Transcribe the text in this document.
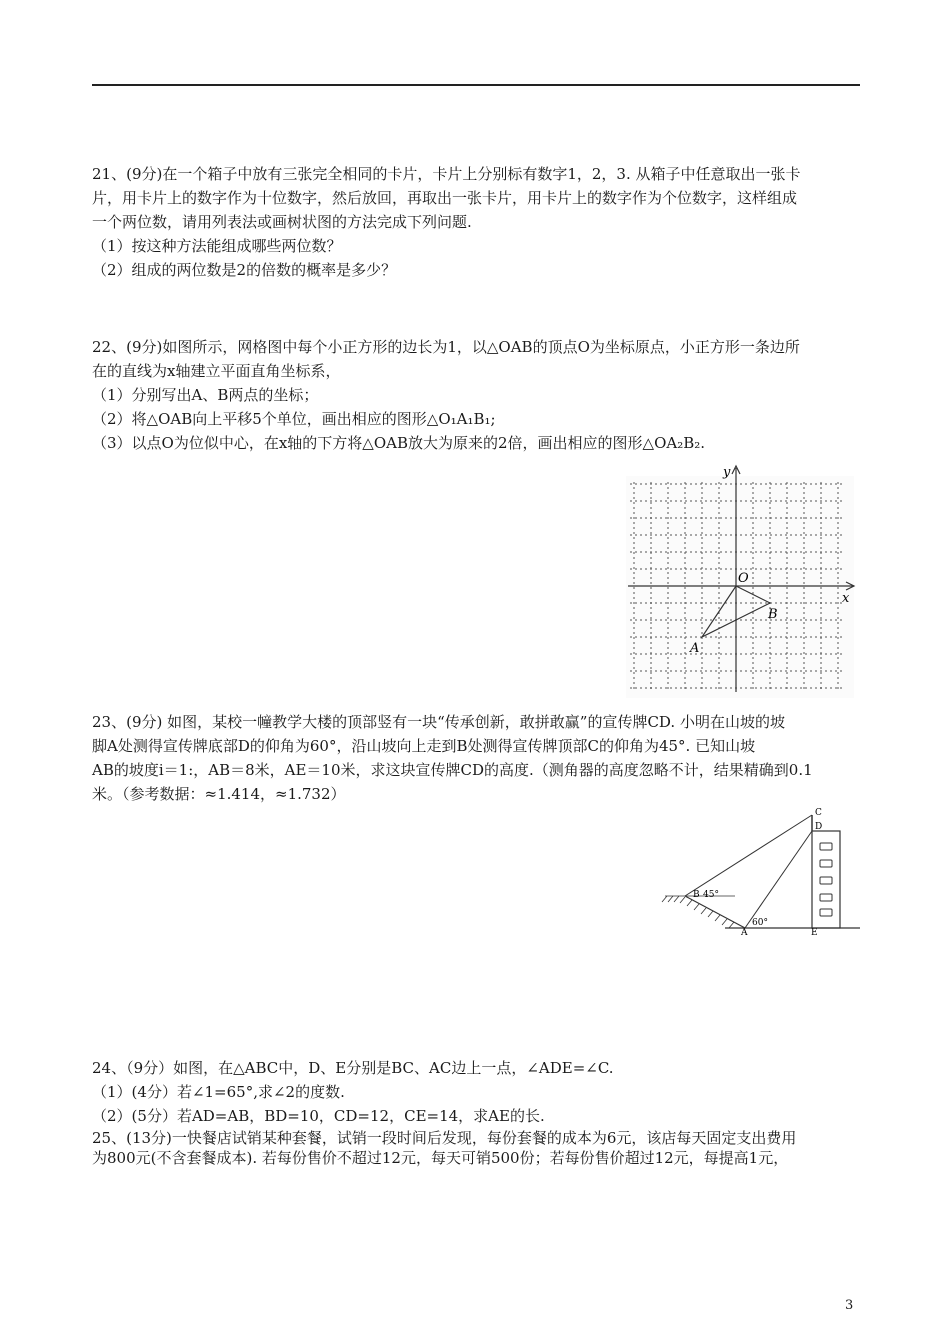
21、(9分)在一个箱子中放有三张完全相同的卡片，卡片上分别标有数字1，2，3. 从箱子中任意取出一张卡

片，用卡片上的数字作为十位数字，然后放回，再取出一张卡片，用卡片上的数字作为个位数字，这样组成

一个两位数，请用列表法或画树状图的方法完成下列问题.

（1）按这种方法能组成哪些两位数？

（2）组成的两位数是2的倍数的概率是多少？

22、(9分)如图所示，网格图中每个小正方形的边长为1，以△OAB的顶点O为坐标原点，小正方形一条边所

在的直线为x轴建立平面直角坐标系，

（1）分别写出A、B两点的坐标；

（2）将△OAB向上平移5个单位，画出相应的图形△O₁A₁B₁;

（3）以点O为位似中心，在x轴的下方将△OAB放大为原来的2倍，画出相应的图形△OA₂B₂.

y
x
O
B
A

23、(9分) 如图，某校一幢教学大楼的顶部竖有一块“传承创新，敢拼敢赢”的宣传牌CD. 小明在山坡的坡

脚A处测得宣传牌底部D的仰角为60°，沿山坡向上走到B处测得宣传牌顶部C的仰角为45°. 已知山坡

AB的坡度i＝1:，AB＝8米，AE＝10米，求这块宣传牌CD的高度.（测角器的高度忽略不计，结果精确到0.1

米。（参考数据：≈1.414，≈1.732）

C
D
B 45°
60°
A	E

24、（9分）如图，在△ABC中，D、E分别是BC、AC边上一点，∠ADE=∠C.

（1）(4分）若∠1=65°,求∠2的度数.

（2）(5分）若AD=AB，BD=10，CD=12，CE=14，求AE的长.

25、(13分)一快餐店试销某种套餐，试销一段时间后发现，每份套餐的成本为6元，该店每天固定支出费用

为800元(不含套餐成本). 若每份售价不超过12元，每天可销500份；若每份售价超过12元，每提高1元，

3
